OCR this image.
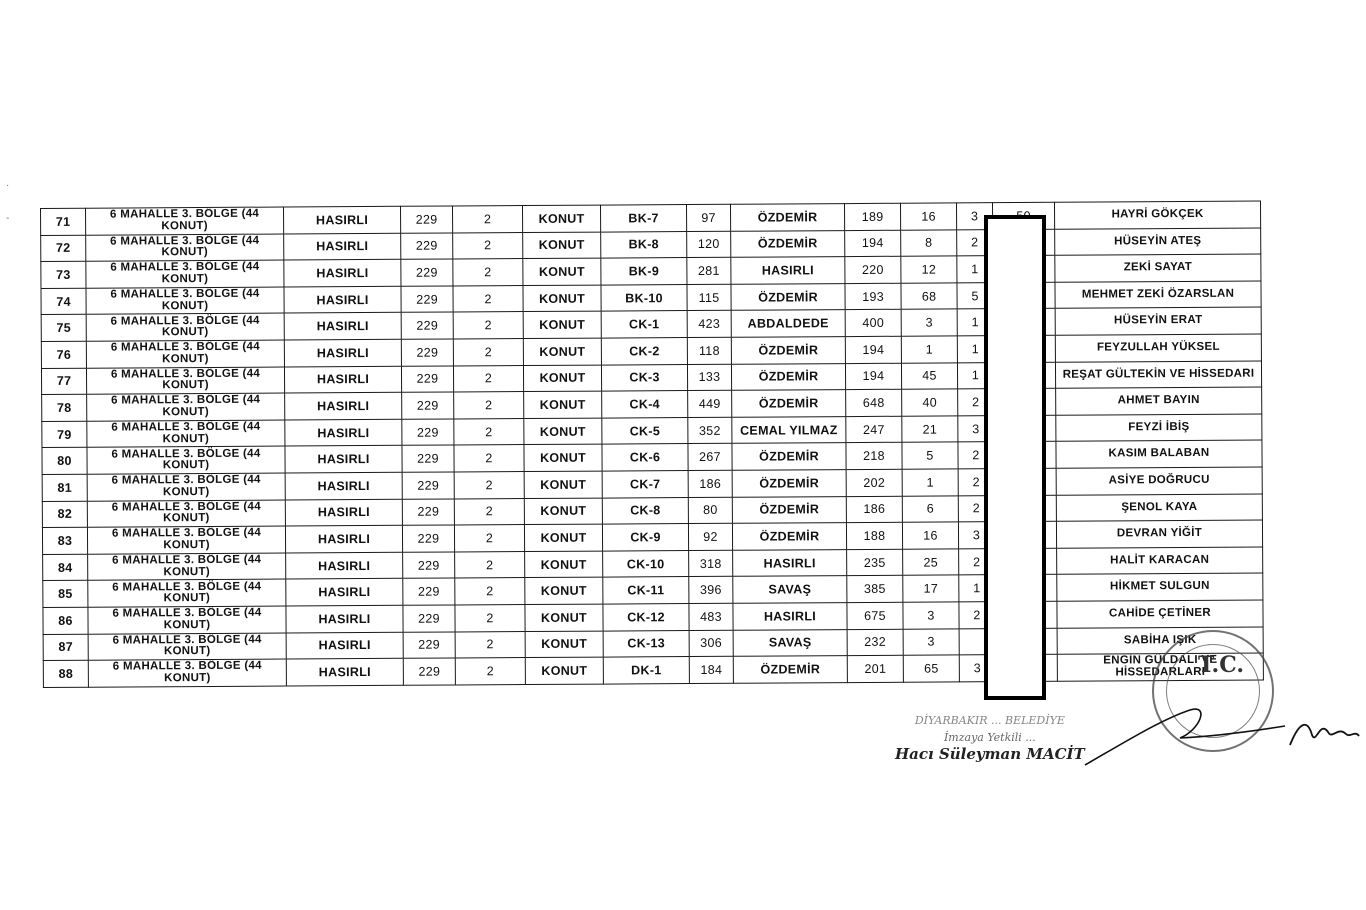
·

-	71	6 MAHALLE 3. BÖLGE (44 KONUT)	HASIRLI	229	2	KONUT	BK-7	97	ÖZDEMİR	189	16	3		HAYRİ GÖKÇEK
72	6 MAHALLE 3. BÖLGE (44 KONUT)	HASIRLI	229	2	KONUT	BK-8	120	ÖZDEMİR	194	8	2		HÜSEYİN ATEŞ
73	6 MAHALLE 3. BÖLGE (44 KONUT)	HASIRLI	229	2	KONUT	BK-9	281	HASIRLI	220	12	1		ZEKİ SAYAT
74	6 MAHALLE 3. BÖLGE (44 KONUT)	HASIRLI	229	2	KONUT	BK-10	115	ÖZDEMİR	193	68	5		MEHMET ZEKİ ÖZARSLAN
75	6 MAHALLE 3. BÖLGE (44 KONUT)	HASIRLI	229	2	KONUT	CK-1	423	ABDALDEDE	400	3	1		HÜSEYİN ERAT
76	6 MAHALLE 3. BÖLGE (44 KONUT)	HASIRLI	229	2	KONUT	CK-2	118	ÖZDEMİR	194	1	1		FEYZULLAH YÜKSEL
77	6 MAHALLE 3. BÖLGE (44 KONUT)	HASIRLI	229	2	KONUT	CK-3	133	ÖZDEMİR	194	45	1		REŞAT GÜLTEKİN VE HİSSEDARI
78	6 MAHALLE 3. BÖLGE (44 KONUT)	HASIRLI	229	2	KONUT	CK-4	449	ÖZDEMİR	648	40	2		AHMET BAYIN
79	6 MAHALLE 3. BÖLGE (44 KONUT)	HASIRLI	229	2	KONUT	CK-5	352	CEMAL YILMAZ	247	21	3		FEYZİ İBİŞ
80	6 MAHALLE 3. BÖLGE (44 KONUT)	HASIRLI	229	2	KONUT	CK-6	267	ÖZDEMİR	218	5	2		KASIM BALABAN
81	6 MAHALLE 3. BÖLGE (44 KONUT)	HASIRLI	229	2	KONUT	CK-7	186	ÖZDEMİR	202	1	2		ASİYE DOĞRUCU
82	6 MAHALLE 3. BÖLGE (44 KONUT)	HASIRLI	229	2	KONUT	CK-8	80	ÖZDEMİR	186	6	2		ŞENOL KAYA
83	6 MAHALLE 3. BÖLGE (44 KONUT)	HASIRLI	229	2	KONUT	CK-9	92	ÖZDEMİR	188	16	3		DEVRAN YİĞİT
84	6 MAHALLE 3. BÖLGE (44 KONUT)	HASIRLI	229	2	KONUT	CK-10	318	HASIRLI	235	25	2		HALİT KARACAN
85	6 MAHALLE 3. BÖLGE (44 KONUT)	HASIRLI	229	2	KONUT	CK-11	396	SAVAŞ	385	17	1		HİKMET SULGUN
86	6 MAHALLE 3. BÖLGE (44 KONUT)	HASIRLI	229	2	KONUT	CK-12	483	HASIRLI	675	3	2		CAHİDE ÇETİNER
87	6 MAHALLE 3. BÖLGE (44 KONUT)	HASIRLI	229	2	KONUT	CK-13	306	SAVAŞ	232	3			SABİHA IŞIK
88	6 MAHALLE 3. BÖLGE (44 KONUT)	HASIRLI	229	2	KONUT	DK-1	184	ÖZDEMİR	201	65	3		ENGİN GÜLDALI VE HİSSEDARLARI
T.C.
DİYARBAKIR ... BELEDİYE
İmzaya Yetkili ...
Hacı Süleyman MACİT
